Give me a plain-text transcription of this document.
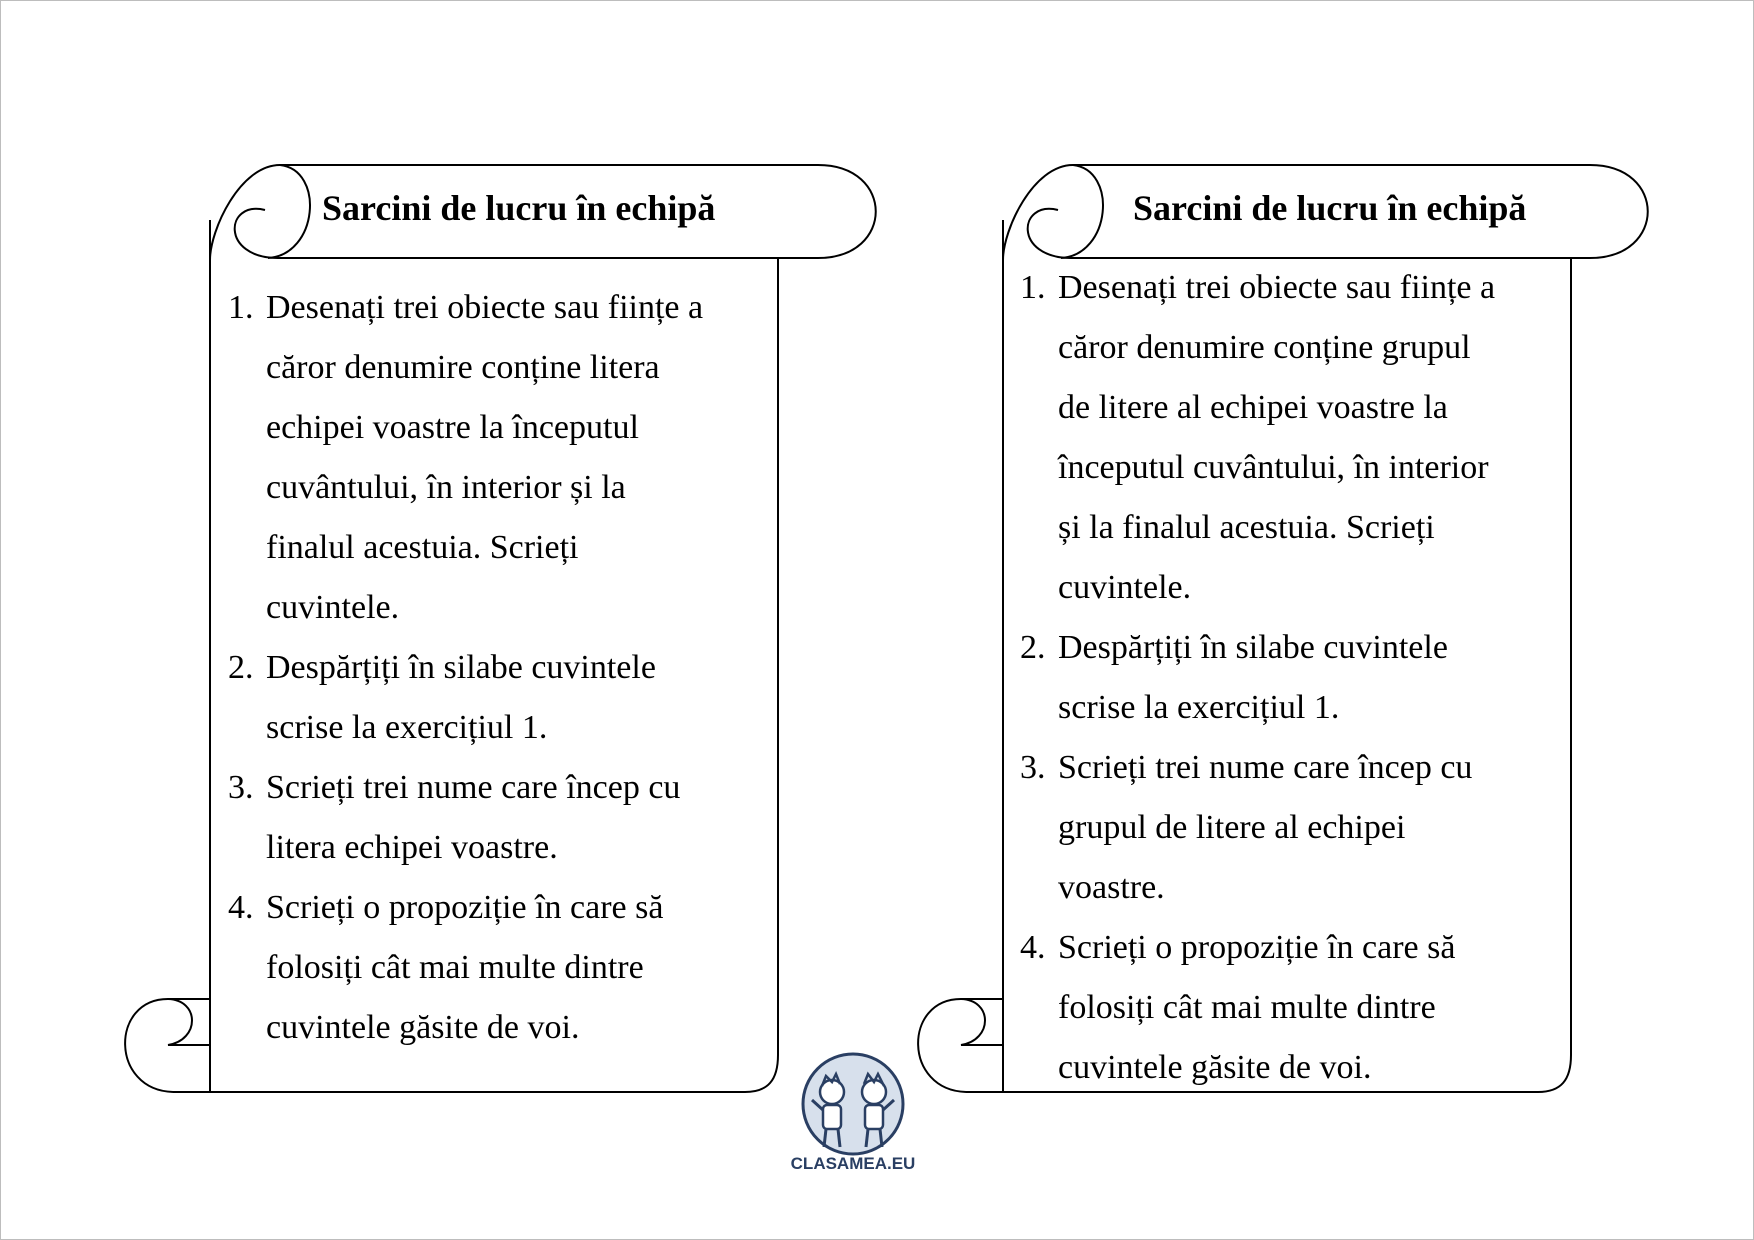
Sarcini de lucru în echipă
1. Desenați trei obiecte sau ființe a
căror denumire conține litera
echipei voastre la începutul
cuvântului, în interior și la
finalul acestuia. Scrieți
cuvintele.
2. Despărțiți în silabe cuvintele
scrise la exercițiul 1.
3. Scrieți trei nume care încep cu
litera echipei voastre.
4. Scrieți o propoziție în care să
folosiți cât mai multe dintre
cuvintele găsite de voi.
Sarcini de lucru în echipă
1. Desenați trei obiecte sau ființe a
căror denumire conține grupul
de litere al echipei voastre la
începutul cuvântului, în interior
și la finalul acestuia. Scrieți
cuvintele.
2. Despărțiți în silabe cuvintele
scrise la exercițiul 1.
3. Scrieți trei nume care încep cu
grupul de litere al echipei
voastre.
4. Scrieți o propoziție în care să
folosiți cât mai multe dintre
cuvintele găsite de voi.
CLASAMEA.EU
